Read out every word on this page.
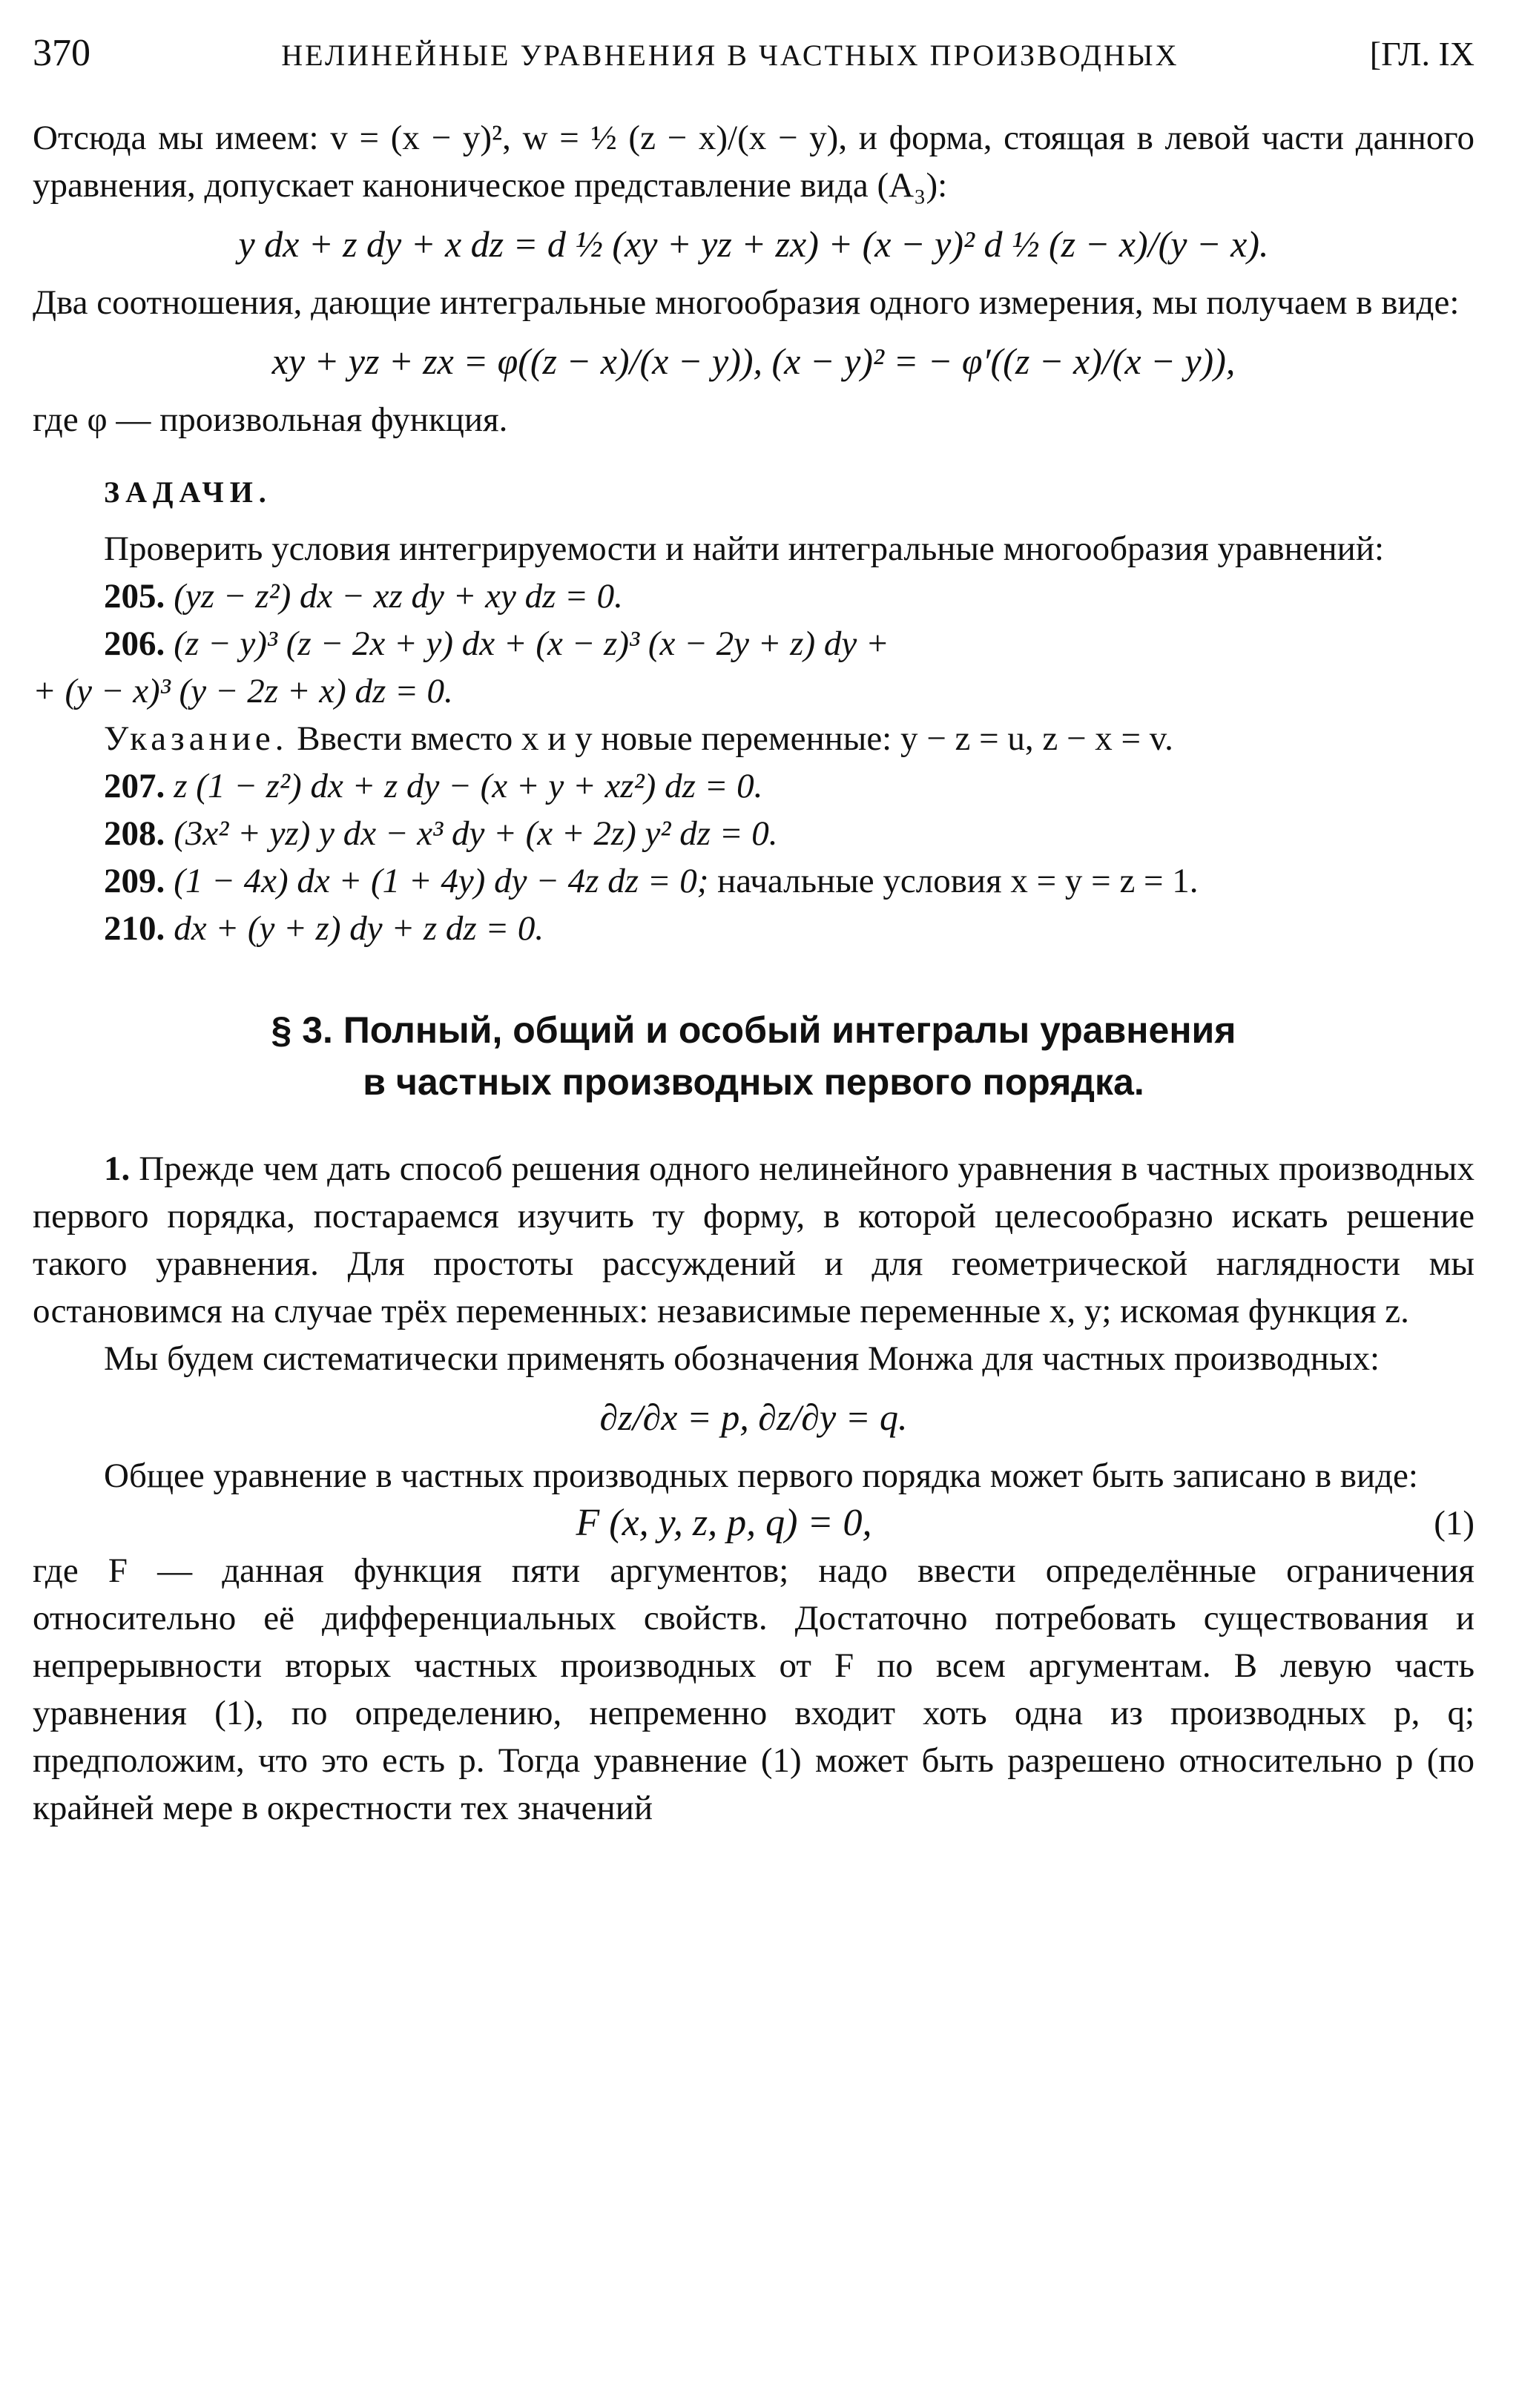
370	НЕЛИНЕЙНЫЕ УРАВНЕНИЯ В ЧАСТНЫХ ПРОИЗВОДНЫХ	[ГЛ. IX

Отсюда мы имеем: v = (x − y)², w = ½ (z − x)/(x − y), и форма, стоящая в левой части данного уравнения, допускает каноническое представление вида (A₃):

y dx + z dy + x dz = d ½ (xy + yz + zx) + (x − y)² d ½ (z − x)/(y − x).

Два соотношения, дающие интегральные многообразия одного измерения, мы получаем в виде:

xy + yz + zx = φ((z − x)/(x − y)), (x − y)² = − φ′((z − x)/(x − y)),

где φ — произвольная функция.

ЗАДАЧИ.

Проверить условия интегрируемости и найти интегральные многообразия уравнений:

205. (yz − z²) dx − xz dy + xy dz = 0.
206. (z − y)³ (z − 2x + y) dx + (x − z)³ (x − 2y + z) dy +
+ (y − x)³ (y − 2z + x) dz = 0.
Указание. Ввести вместо x и y новые переменные: y − z = u, z − x = v.
207. z (1 − z²) dx + z dy − (x + y + xz²) dz = 0.
208. (3x² + yz) y dx − x³ dy + (x + 2z) y² dz = 0.
209. (1 − 4x) dx + (1 + 4y) dy − 4z dz = 0; начальные условия x = y = z = 1.
210. dx + (y + z) dy + z dz = 0.
§ 3. Полный, общий и особый интегралы уравнения
в частных производных первого порядка.

1. Прежде чем дать способ решения одного нелинейного уравнения в частных производных первого порядка, постараемся изучить ту форму, в которой целесообразно искать решение такого уравнения. Для простоты рассуждений и для геометрической наглядности мы остановимся на случае трёх переменных: независимые переменные x, y; искомая функция z.

Мы будем систематически применять обозначения Монжа для частных производных:

∂z/∂x = p, ∂z/∂y = q.

Общее уравнение в частных производных первого порядка может быть записано в виде:

F (x, y, z, p, q) = 0,	(1)

где F — данная функция пяти аргументов; надо ввести определённые ограничения относительно её дифференциальных свойств. Достаточно потребовать существования и непрерывности вторых частных производных от F по всем аргументам. В левую часть уравнения (1), по определению, непременно входит хоть одна из производных p, q; предположим, что это есть p. Тогда уравнение (1) может быть разрешено относительно p (по крайней мере в окрестности тех значений
